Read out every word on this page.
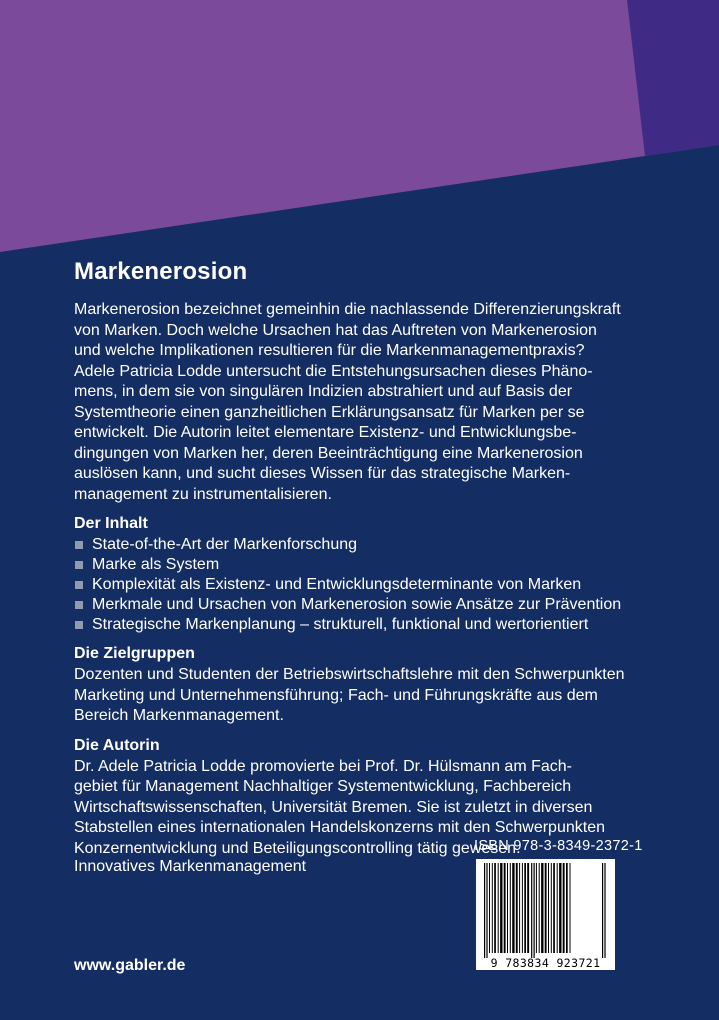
Markenerosion
Markenerosion bezeichnet gemeinhin die nachlassende Differenzierungskraft
von Marken. Doch welche Ursachen hat das Auftreten von Markenerosion
und welche Implikationen resultieren für die Markenmanagementpraxis?
Adele Patricia Lodde untersucht die Entstehungsursachen dieses Phäno-
mens, in dem sie von singulären Indizien abstrahiert und auf Basis der
Systemtheorie einen ganzheitlichen Erklärungsansatz für Marken per se
entwickelt. Die Autorin leitet elementare Existenz- und Entwicklungsbe-
dingungen von Marken her, deren Beeinträchtigung eine Markenerosion
auslösen kann, und sucht dieses Wissen für das strategische Marken-
management zu instrumentalisieren.
Der Inhalt
State-of-the-Art der Markenforschung
Marke als System
Komplexität als Existenz- und Entwicklungsdeterminante von Marken
Merkmale und Ursachen von Markenerosion sowie Ansätze zur Prävention
Strategische Markenplanung – strukturell, funktional und wertorientiert
Die Zielgruppen
Dozenten und Studenten der Betriebswirtschaftslehre mit den Schwerpunkten
Marketing und Unternehmensführung; Fach- und Führungskräfte aus dem
Bereich Markenmanagement.
Die Autorin
Dr. Adele Patricia Lodde promovierte bei Prof. Dr. Hülsmann am Fach-
gebiet für Management Nachhaltiger Systementwicklung, Fachbereich
Wirtschaftswissenschaften, Universität Bremen. Sie ist zuletzt in diversen
Stabstellen eines internationalen Handelskonzerns mit den Schwerpunkten
Konzernentwicklung und Beteiligungscontrolling tätig gewesen.
Innovatives Markenmanagement
www.gabler.de
ISBN 978-3-8349-2372-1
9 783834 923721
